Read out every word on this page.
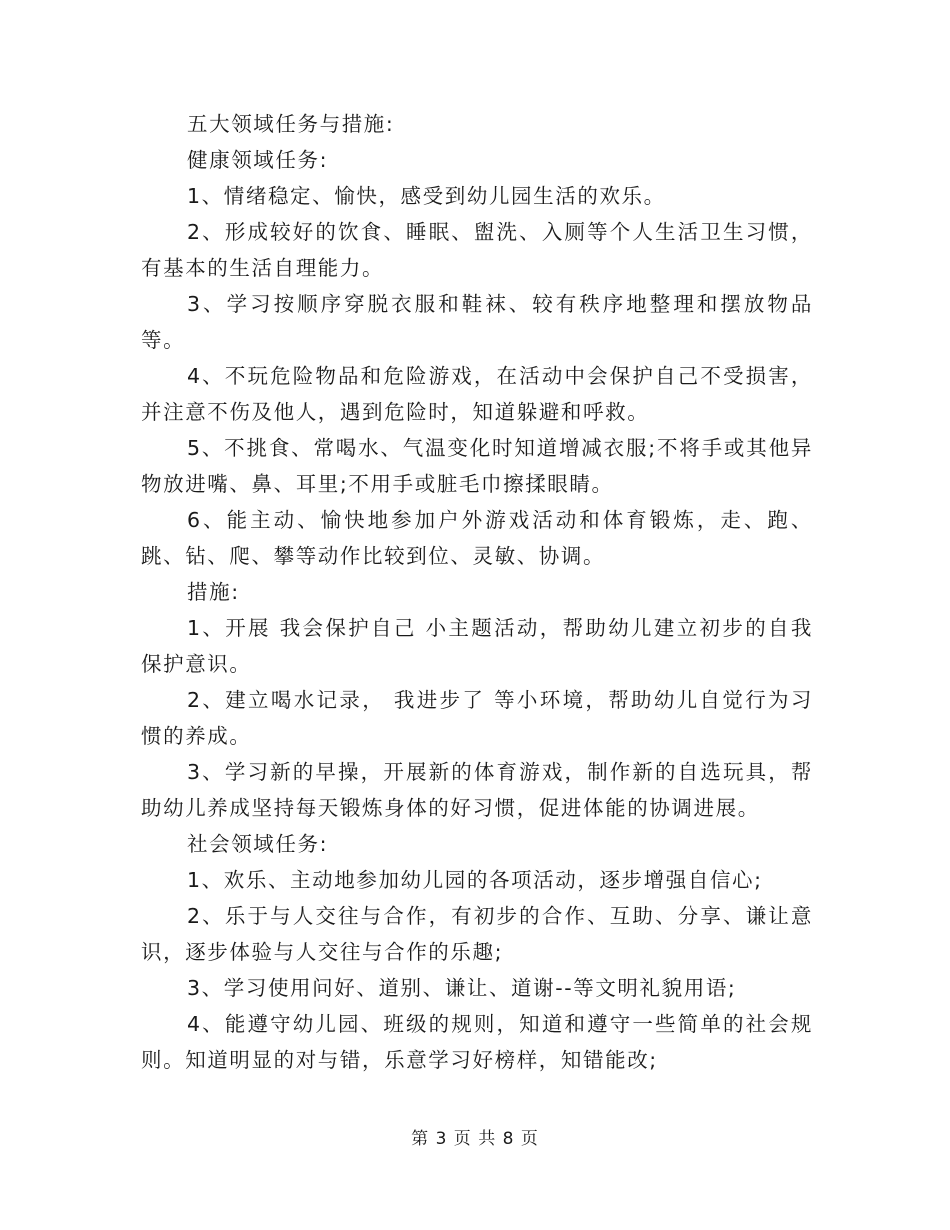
五大领域任务与措施:

健康领域任务:

1、情绪稳定、愉快，感受到幼儿园生活的欢乐。

2、形成较好的饮食、睡眠、盥洗、入厕等个人生活卫生习惯，有基本的生活自理能力。

3、学习按顺序穿脱衣服和鞋袜、较有秩序地整理和摆放物品等。

4、不玩危险物品和危险游戏，在活动中会保护自己不受损害，并注意不伤及他人，遇到危险时，知道躲避和呼救。

5、不挑食、常喝水、气温变化时知道增减衣服;不将手或其他异物放进嘴、鼻、耳里;不用手或脏毛巾擦揉眼睛。

6、能主动、愉快地参加户外游戏活动和体育锻炼，走、跑、跳、钻、爬、攀等动作比较到位、灵敏、协调。

措施:

1、开展 我会保护自己 小主题活动，帮助幼儿建立初步的自我保护意识。

2、建立喝水记录， 我进步了 等小环境，帮助幼儿自觉行为习惯的养成。

3、学习新的早操，开展新的体育游戏，制作新的自选玩具，帮助幼儿养成坚持每天锻炼身体的好习惯，促进体能的协调进展。

社会领域任务:

1、欢乐、主动地参加幼儿园的各项活动，逐步增强自信心;

2、乐于与人交往与合作，有初步的合作、互助、分享、谦让意识，逐步体验与人交往与合作的乐趣;

3、学习使用问好、道别、谦让、道谢--等文明礼貌用语;

4、能遵守幼儿园、班级的规则，知道和遵守一些简单的社会规则。知道明显的对与错，乐意学习好榜样，知错能改;

第 3 页 共 8 页
